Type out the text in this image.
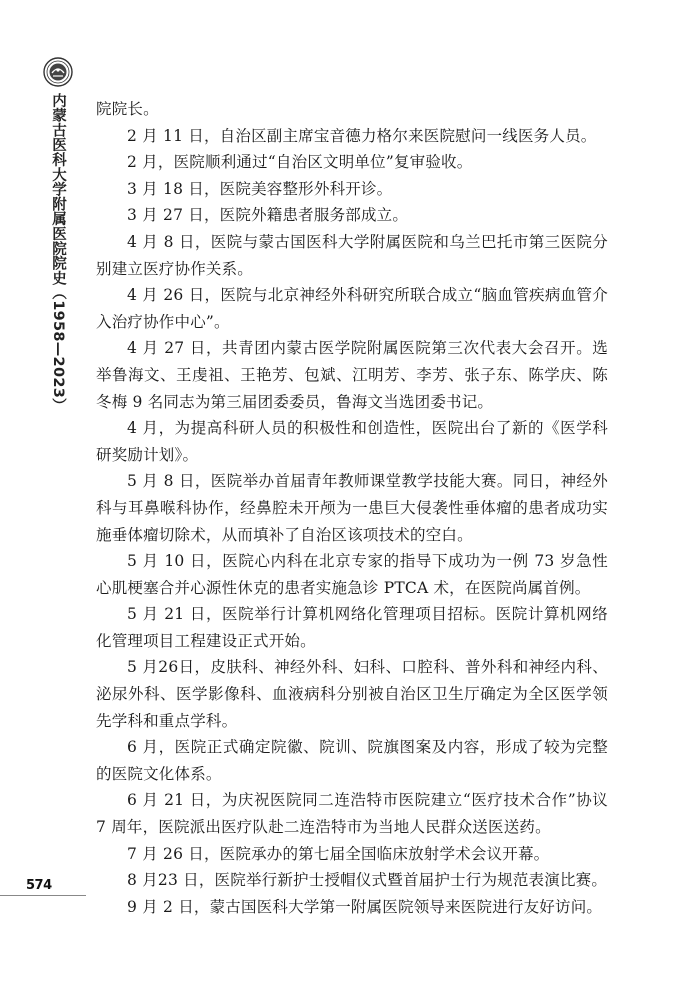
内蒙古医科大学附属医院院史（1958—2023）
574

院院长。

2 月 11 日，自治区副主席宝音德力格尔来医院慰问一线医务人员。

2 月，医院顺利通过“自治区文明单位”复审验收。

3 月 18 日，医院美容整形外科开诊。

3 月 27 日，医院外籍患者服务部成立。

4 月 8 日，医院与蒙古国医科大学附属医院和乌兰巴托市第三医院分别建立医疗协作关系。

4 月 26 日，医院与北京神经外科研究所联合成立“脑血管疾病血管介入治疗协作中心”。

4 月 27 日，共青团内蒙古医学院附属医院第三次代表大会召开。选举鲁海文、王虔祖、王艳芳、包斌、江明芳、李芳、张子东、陈学庆、陈冬梅 9 名同志为第三届团委委员，鲁海文当选团委书记。

4 月，为提高科研人员的积极性和创造性，医院出台了新的《医学科研奖励计划》。

5 月 8 日，医院举办首届青年教师课堂教学技能大赛。同日，神经外科与耳鼻喉科协作，经鼻腔未开颅为一患巨大侵袭性垂体瘤的患者成功实施垂体瘤切除术，从而填补了自治区该项技术的空白。

5 月 10 日，医院心内科在北京专家的指导下成功为一例 73 岁急性心肌梗塞合并心源性休克的患者实施急诊 PTCA 术，在医院尚属首例。

5 月 21 日，医院举行计算机网络化管理项目招标。医院计算机网络化管理项目工程建设正式开始。

5 月26日，皮肤科、神经外科、妇科、口腔科、普外科和神经内科、泌尿外科、医学影像科、血液病科分别被自治区卫生厅确定为全区医学领先学科和重点学科。

6 月，医院正式确定院徽、院训、院旗图案及内容，形成了较为完整的医院文化体系。

6 月 21 日，为庆祝医院同二连浩特市医院建立“医疗技术合作”协议 7 周年，医院派出医疗队赴二连浩特市为当地人民群众送医送药。

7 月 26 日，医院承办的第七届全国临床放射学术会议开幕。

8 月23 日，医院举行新护士授帽仪式暨首届护士行为规范表演比赛。

9 月 2 日，蒙古国医科大学第一附属医院领导来医院进行友好访问。
